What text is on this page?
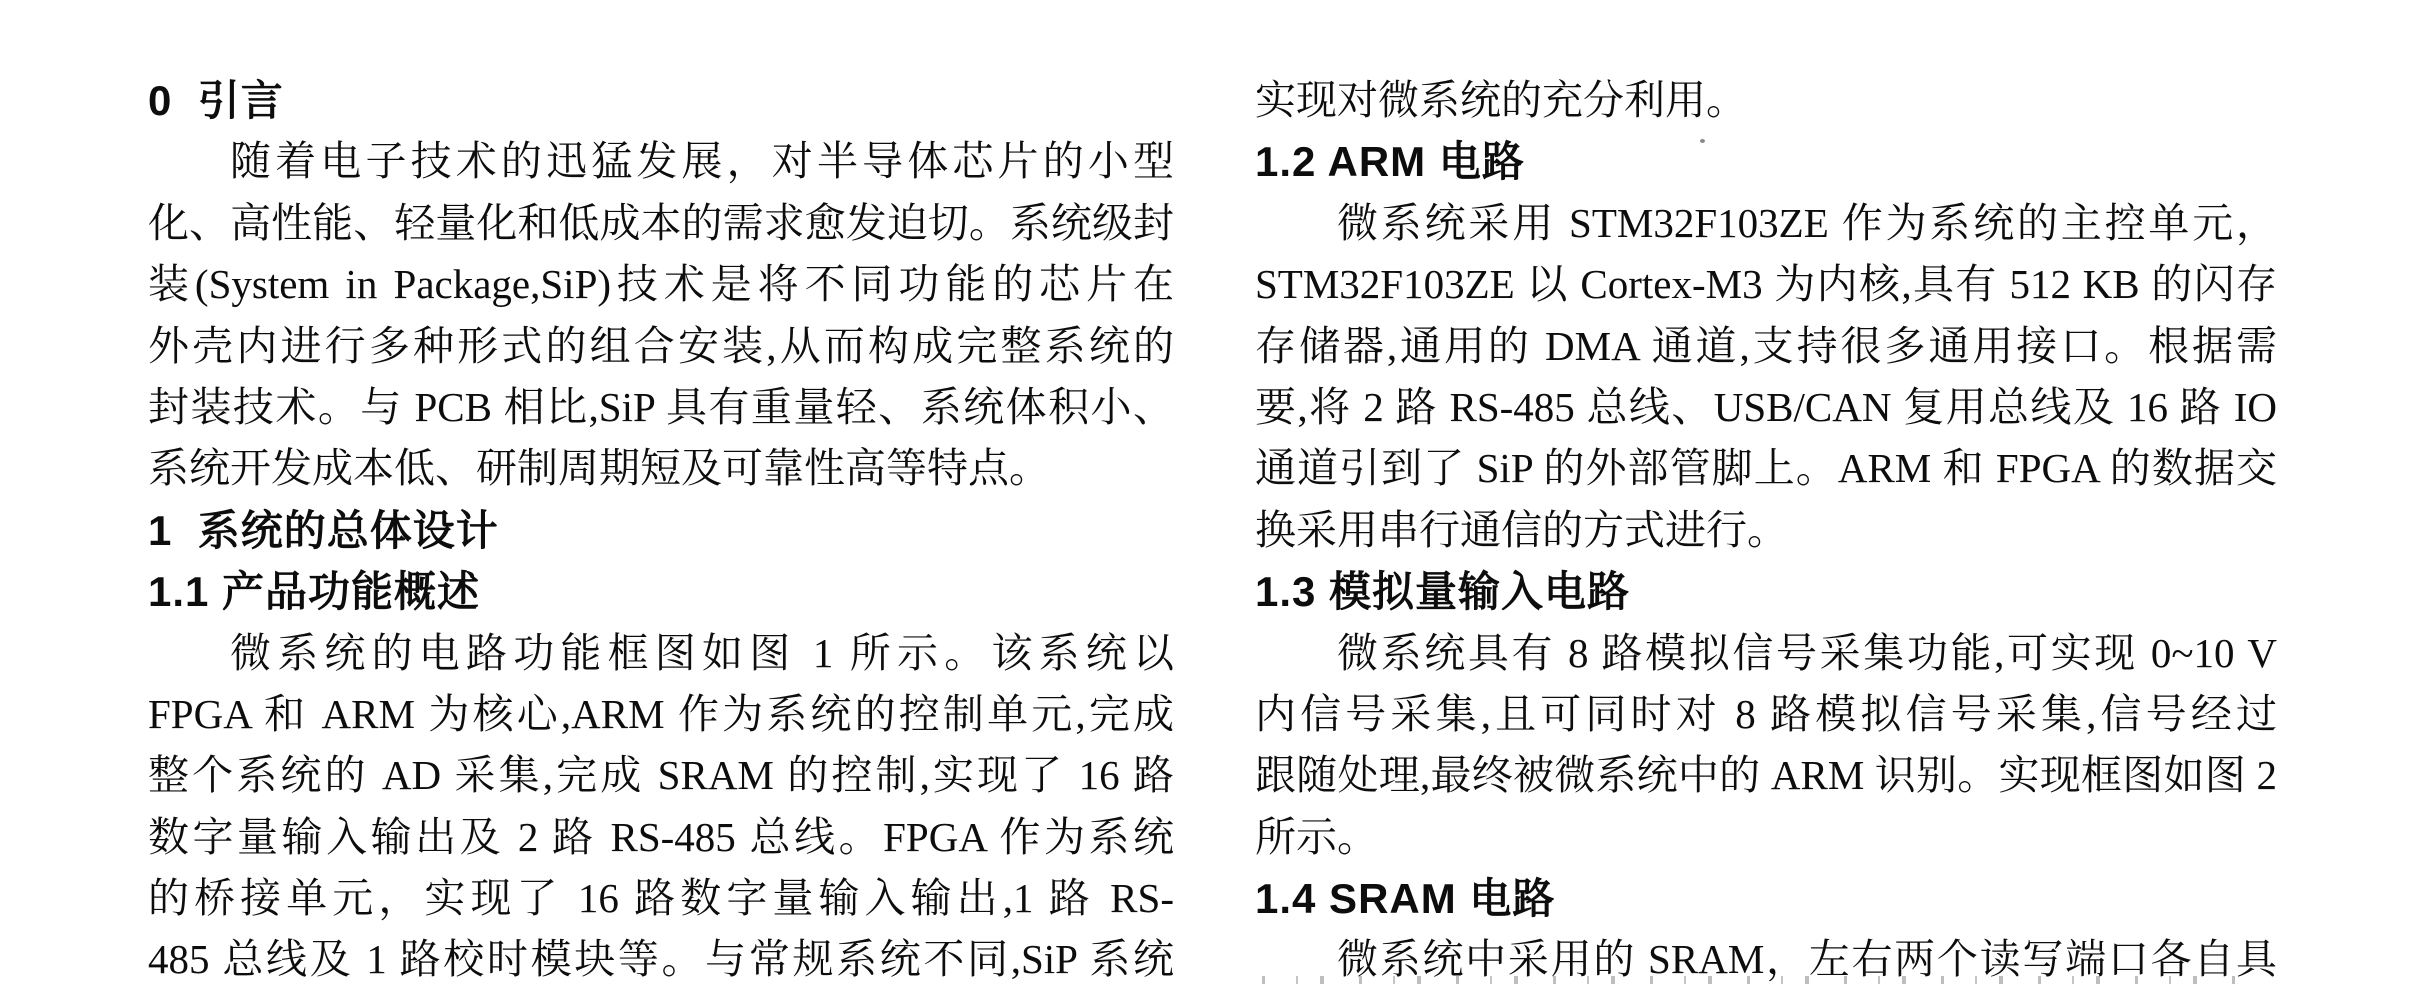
0  引言
随着电子技术的迅猛发展，对半导体芯片的小型
化、高性能、轻量化和低成本的需求愈发迫切。系统级封
装(System in Package,SiP)技术是将不同功能的芯片在
外壳内进行多种形式的组合安装,从而构成完整系统的
封装技术。与 PCB 相比,SiP 具有重量轻、系统体积小、
系统开发成本低、研制周期短及可靠性高等特点。
1  系统的总体设计
1.1 产品功能概述
微系统的电路功能框图如图 1 所示。该系统以
FPGA 和 ARM 为核心,ARM 作为系统的控制单元,完成
整个系统的 AD 采集,完成 SRAM 的控制,实现了 16 路
数字量输入输出及 2 路 RS-485 总线。FPGA 作为系统
的桥接单元，实现了 16 路数字量输入输出,1 路 RS-
485 总线及 1 路校时模块等。与常规系统不同,SiP 系统
实现对微系统的充分利用。
1.2 ARM 电路
微系统采用 STM32F103ZE 作为系统的主控单元，
STM32F103ZE 以 Cortex-M3 为内核,具有 512 KB 的闪存
存储器,通用的 DMA 通道,支持很多通用接口。根据需
要,将 2 路 RS-485 总线、USB/CAN 复用总线及 16 路 IO
通道引到了 SiP 的外部管脚上。ARM 和 FPGA 的数据交
换采用串行通信的方式进行。
1.3 模拟量输入电路
微系统具有 8 路模拟信号采集功能,可实现 0~10 V
内信号采集,且可同时对 8 路模拟信号采集,信号经过
跟随处理,最终被微系统中的 ARM 识别。实现框图如图 2
所示。
1.4 SRAM 电路
微系统中采用的 SRAM，左右两个读写端口各自具
